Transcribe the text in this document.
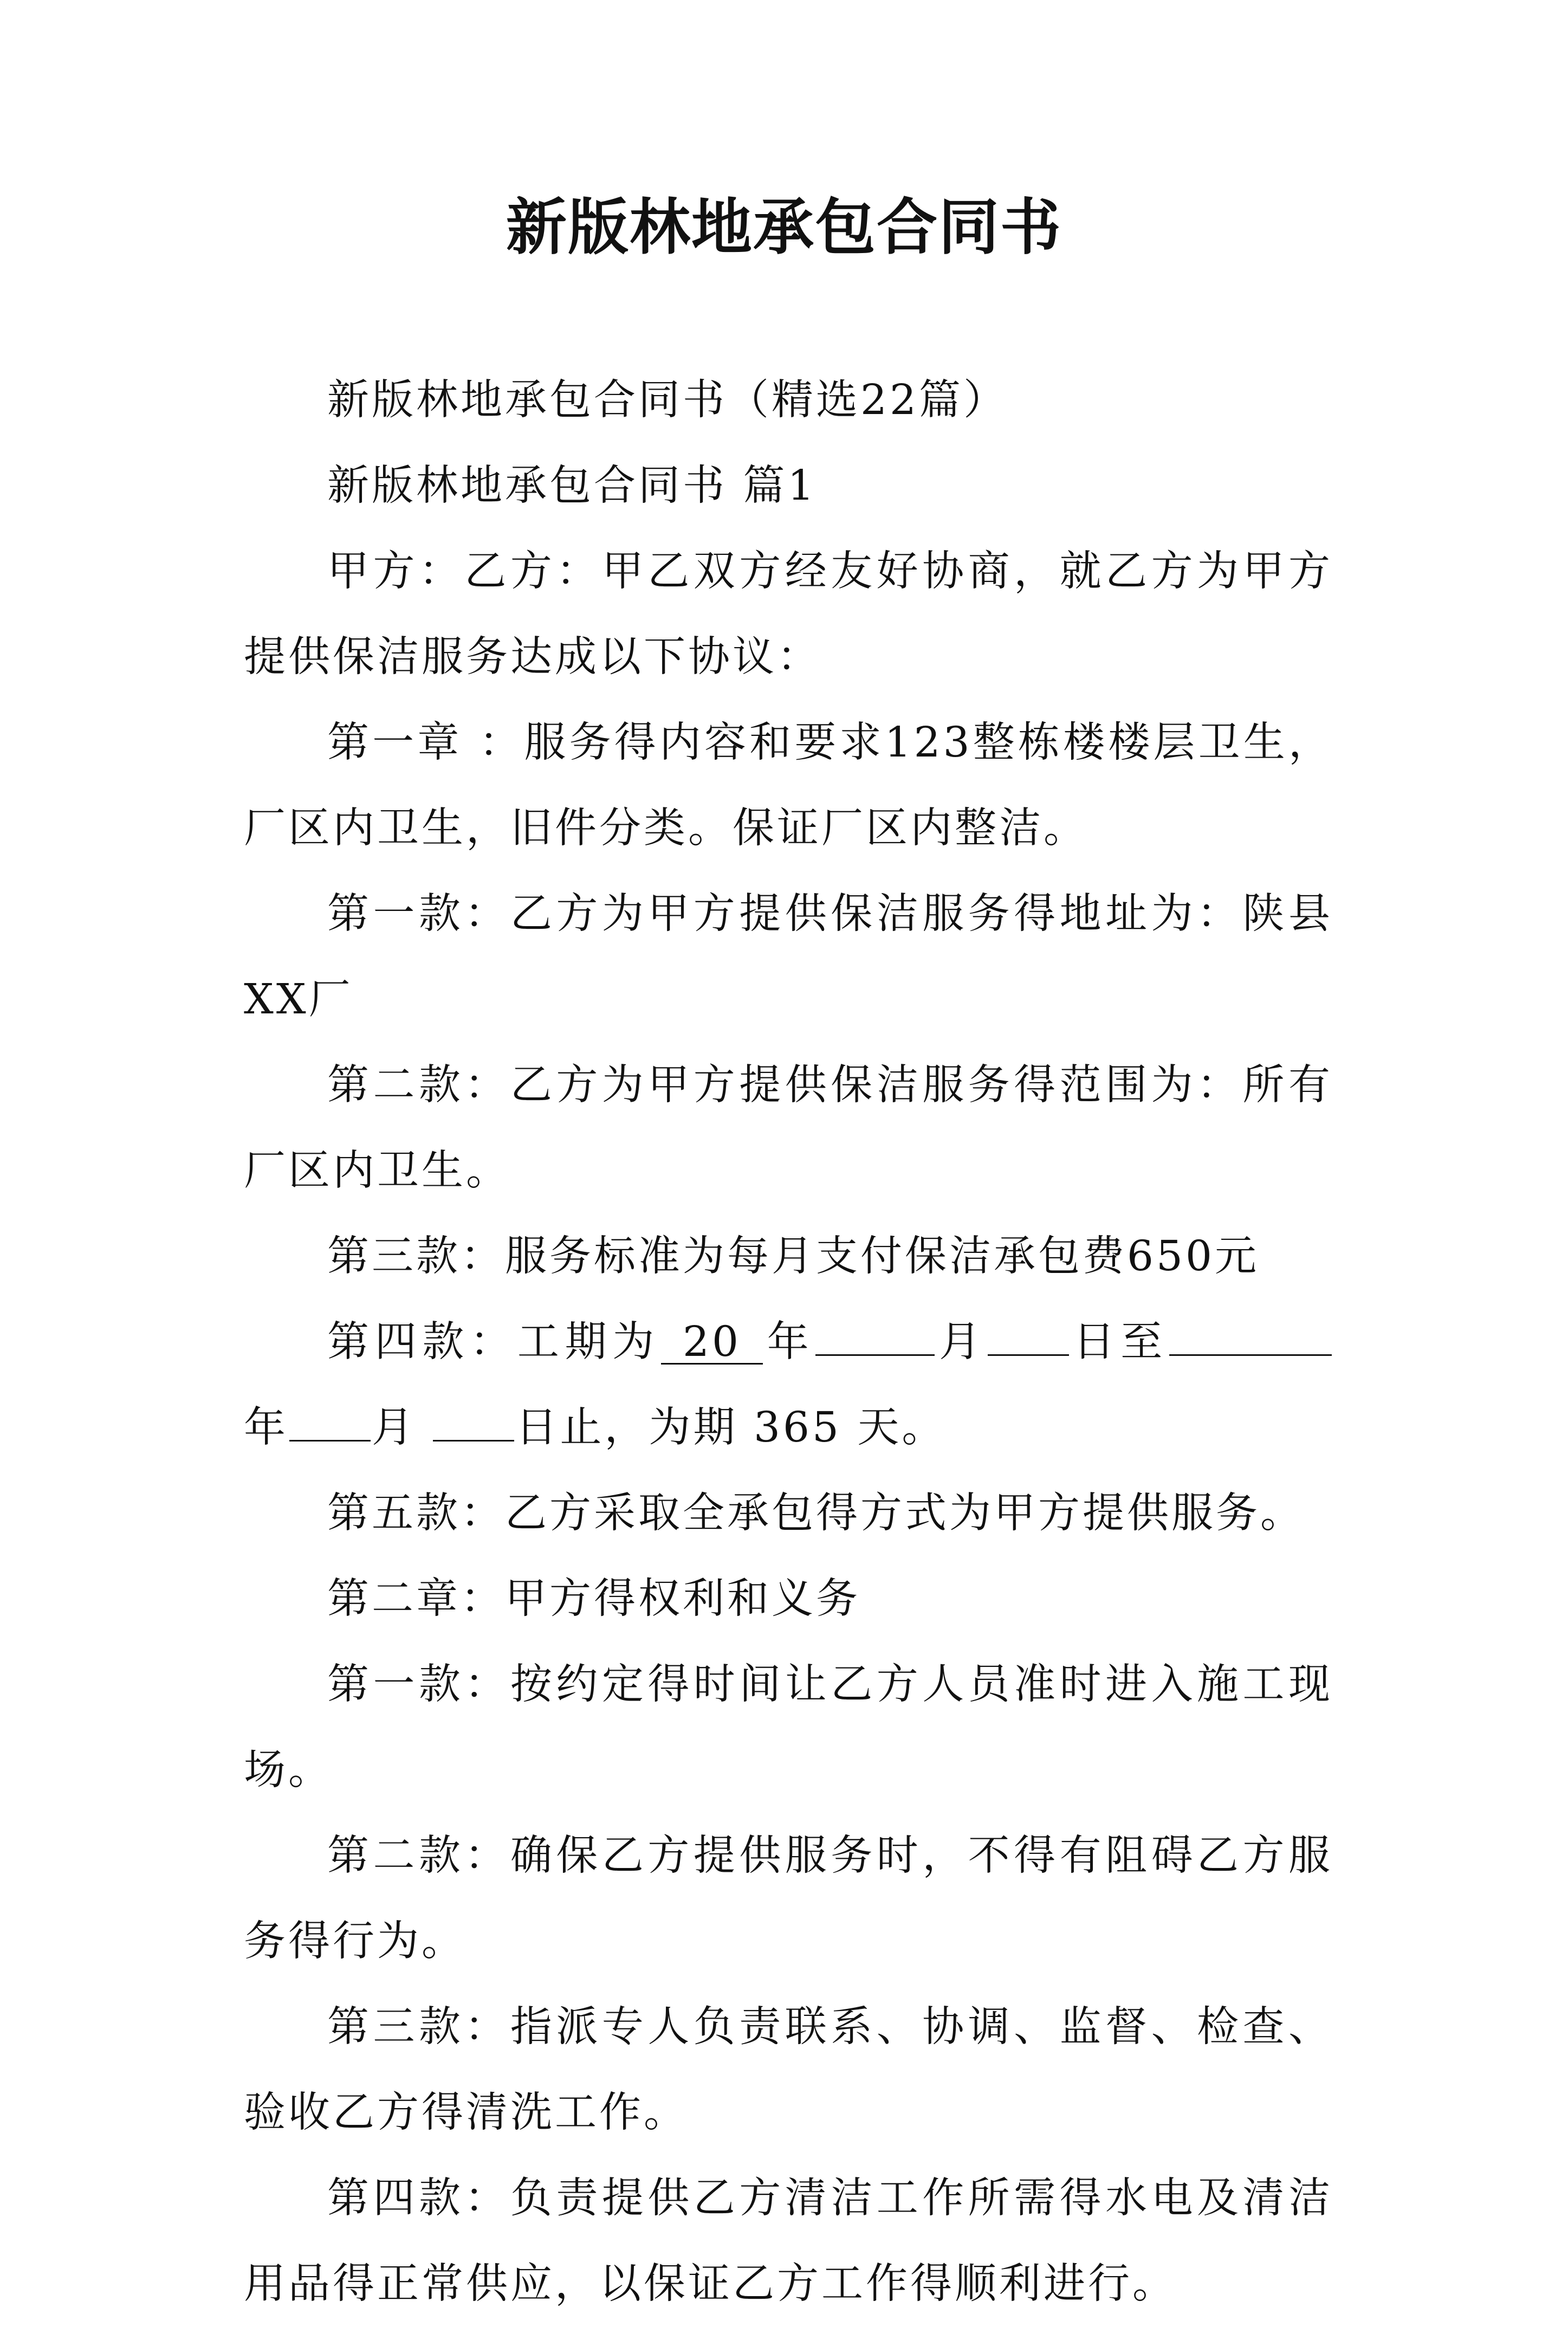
新版林地承包合同书

新版林地承包合同书（精选22篇）

新版林地承包合同书 篇1

甲方：乙方：甲乙双方经友好协商，就乙方为甲方提供保洁服务达成以下协议：

第一章 ：服务得内容和要求123整栋楼楼层卫生，厂区内卫生，旧件分类。保证厂区内整洁。

第一款：乙方为甲方提供保洁服务得地址为：陕县XX厂

第二款：乙方为甲方提供保洁服务得范围为：所有厂区内卫生。

第三款：服务标准为每月支付保洁承包费650元

第四款：工期为 20 年	月 日至年 月 日止，为期 365 天。

第五款：乙方采取全承包得方式为甲方提供服务。

第二章：甲方得权利和义务

第一款：按约定得时间让乙方人员准时进入施工现场。

第二款：确保乙方提供服务时，不得有阻碍乙方服务得行为。

第三款：指派专人负责联系、协调、监督、检查、验收乙方得清洗工作。

第四款：负责提供乙方清洁工作所需得水电及清洁用品得正常供应，以保证乙方工作得顺利进行。
